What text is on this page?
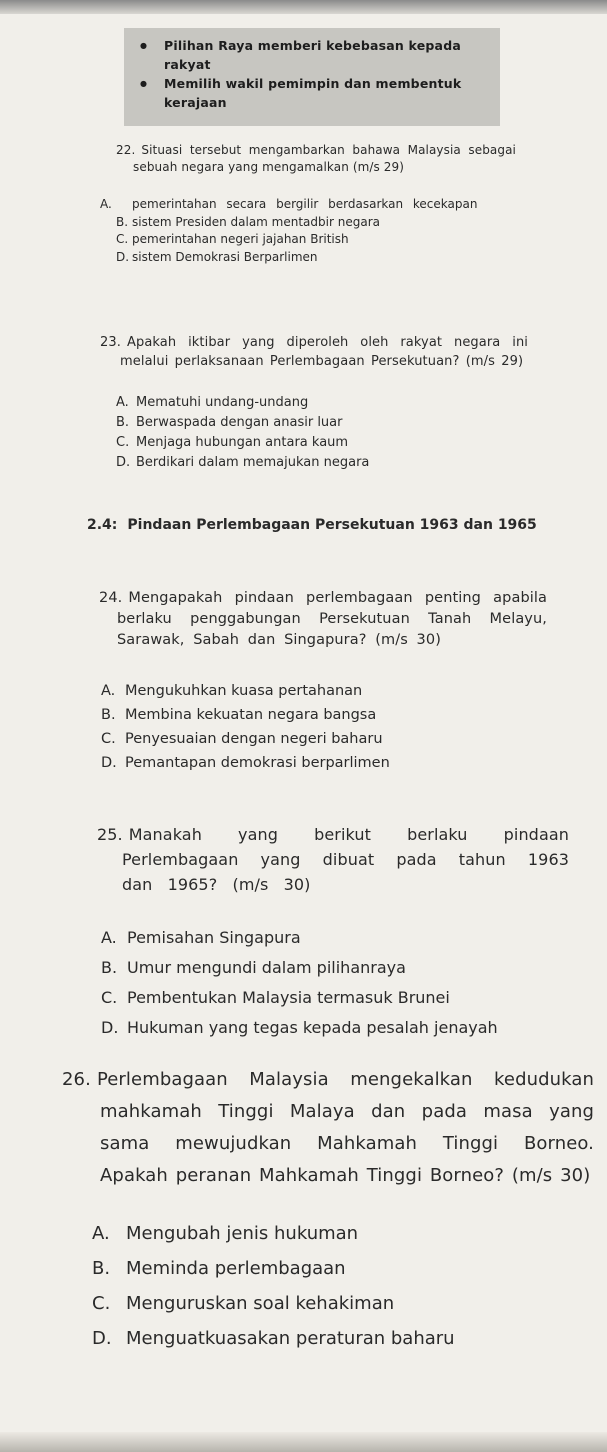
● Pilihan Raya memberi kebebasan kepada rakyat
● Memilih wakil pemimpin dan membentuk kerajaan
22. Situasi tersebut mengambarkan bahawa Malaysia sebagai sebuah negara yang mengamalkan (m/s 29)
A. pemerintahan secara bergilir berdasarkan kecekapan
B. sistem Presiden dalam mentadbir negara
C. pemerintahan negeri jajahan British
D. sistem Demokrasi Berparlimen
23. Apakah iktibar yang diperoleh oleh rakyat negara ini melalui perlaksanaan Perlembagaan Persekutuan? (m/s 29)
A. Mematuhi undang-undang
B. Berwaspada dengan anasir luar
C. Menjaga hubungan antara kaum
D. Berdikari dalam memajukan negara
2.4: Pindaan Perlembagaan Persekutuan 1963 dan 1965
24. Mengapakah pindaan perlembagaan penting apabila berlaku penggabungan Persekutuan Tanah Melayu, Sarawak, Sabah dan Singapura? (m/s 30)
A. Mengukuhkan kuasa pertahanan
B. Membina kekuatan negara bangsa
C. Penyesuaian dengan negeri baharu
D. Pemantapan demokrasi berparlimen
25. Manakah yang berikut berlaku pindaan Perlembagaan yang dibuat pada tahun 1963 dan 1965? (m/s 30)
A. Pemisahan Singapura
B. Umur mengundi dalam pilihanraya
C. Pembentukan Malaysia termasuk Brunei
D. Hukuman yang tegas kepada pesalah jenayah
26. Perlembagaan Malaysia mengekalkan kedudukan mahkamah Tinggi Malaya dan pada masa yang sama mewujudkan Mahkamah Tinggi Borneo. Apakah peranan Mahkamah Tinggi Borneo? (m/s 30)
A. Mengubah jenis hukuman
B. Meminda perlembagaan
C. Menguruskan soal kehakiman
D. Menguatkuasakan peraturan baharu
